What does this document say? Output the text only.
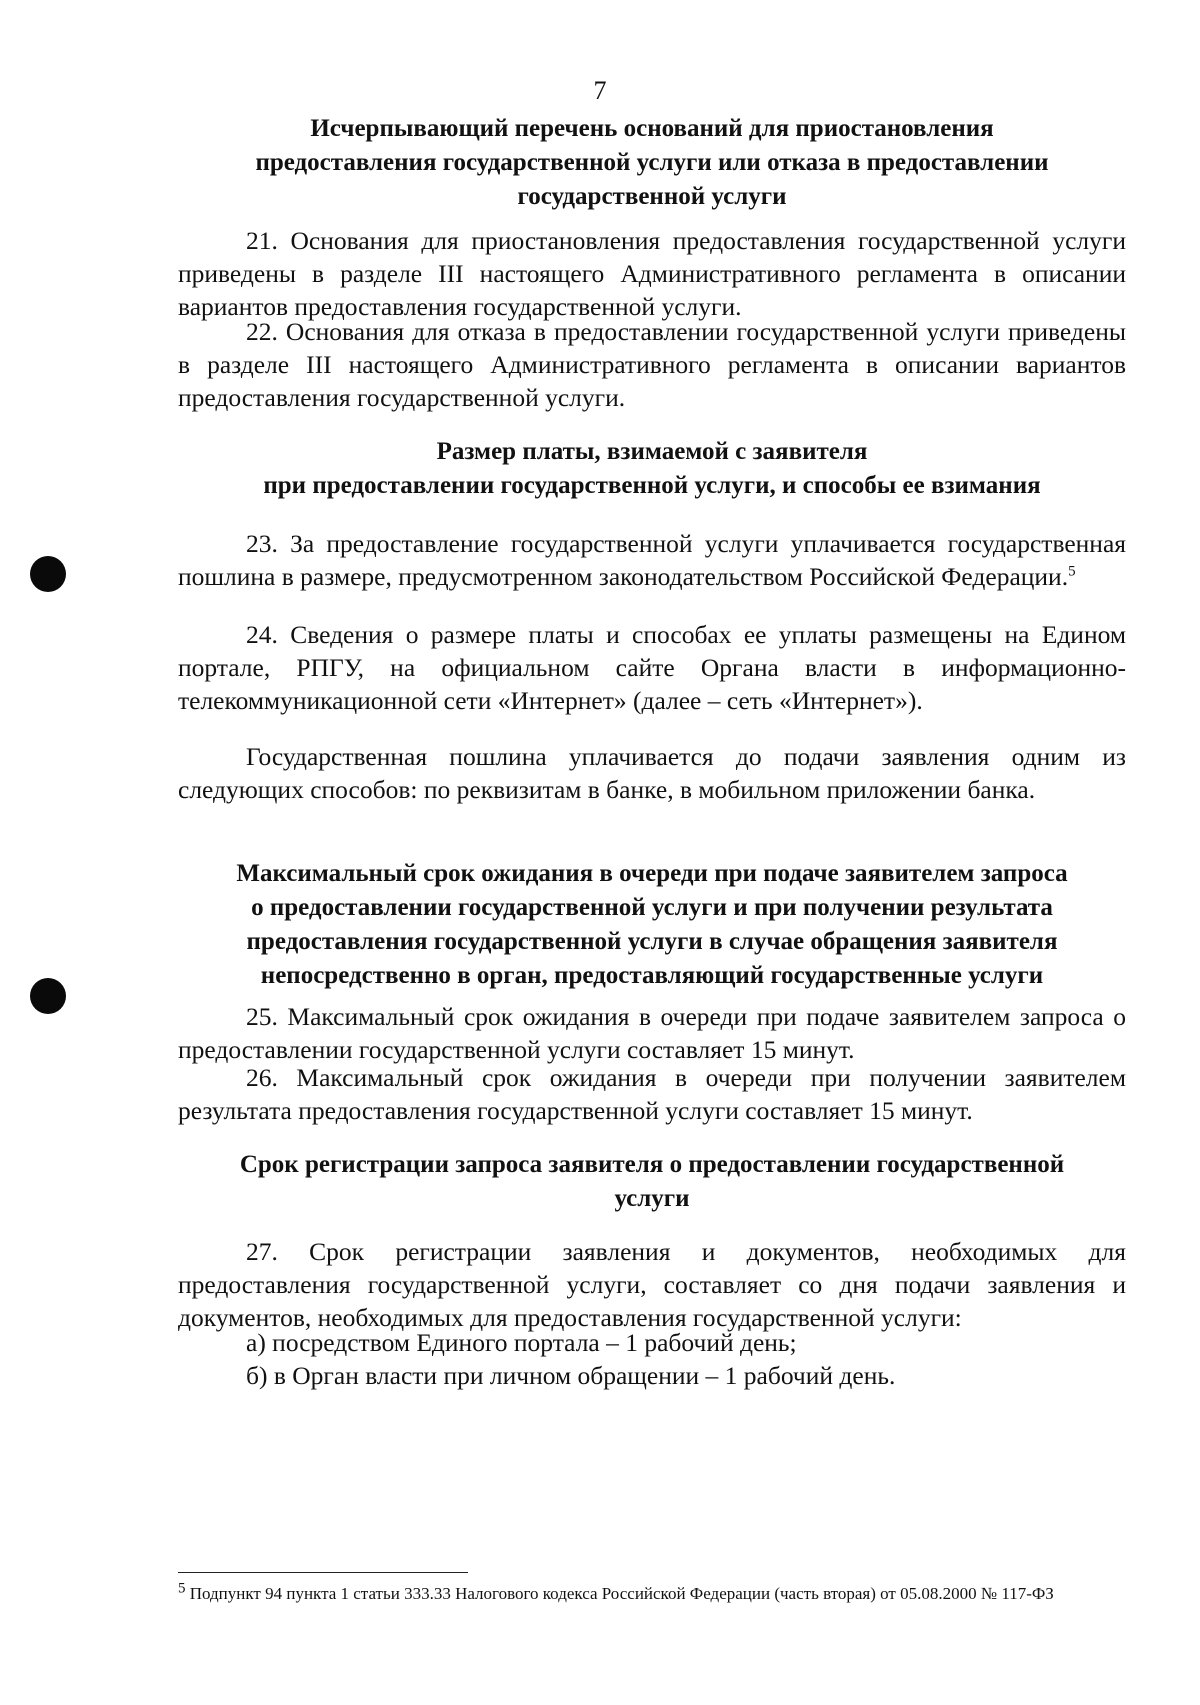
7
Исчерпывающий перечень оснований для приостановления
предоставления государственной услуги или отказа в предоставлении
государственной услуги

21. Основания для приостановления предоставления государственной услуги приведены в разделе III настоящего Административного регламента в описании вариантов предоставления государственной услуги.

22. Основания для отказа в предоставлении государственной услуги приведены в разделе III настоящего Административного регламента в описании вариантов предоставления государственной услуги.

Размер платы, взимаемой с заявителя
при предоставлении государственной услуги, и способы ее взимания

23. За предоставление государственной услуги уплачивается государственная пошлина в размере, предусмотренном законодательством Российской Федерации.$^5$

24. Сведения о размере платы и способах ее уплаты размещены на Едином портале, РПГУ, на официальном сайте Органа власти в информационно-телекоммуникационной сети «Интернет» (далее – сеть «Интернет»).

Государственная пошлина уплачивается до подачи заявления одним из следующих способов: по реквизитам в банке, в мобильном приложении банка.

Максимальный срок ожидания в очереди при подаче заявителем запроса
о предоставлении государственной услуги и при получении результата
предоставления государственной услуги в случае обращения заявителя
непосредственно в орган, предоставляющий государственные услуги

25. Максимальный срок ожидания в очереди при подаче заявителем запроса о предоставлении государственной услуги составляет 15 минут.

26. Максимальный срок ожидания в очереди при получении заявителем результата предоставления государственной услуги составляет 15 минут.

Срок регистрации запроса заявителя о предоставлении государственной
услуги

27. Срок регистрации заявления и документов, необходимых для предоставления государственной услуги, составляет со дня подачи заявления и документов, необходимых для предоставления государственной услуги:

а) посредством Единого портала – 1 рабочий день;

б) в Орган власти при личном обращении – 1 рабочий день.

$^5$ Подпункт 94 пункта 1 статьи 333.33 Налогового кодекса Российской Федерации (часть вторая) от 05.08.2000 № 117-ФЗ
